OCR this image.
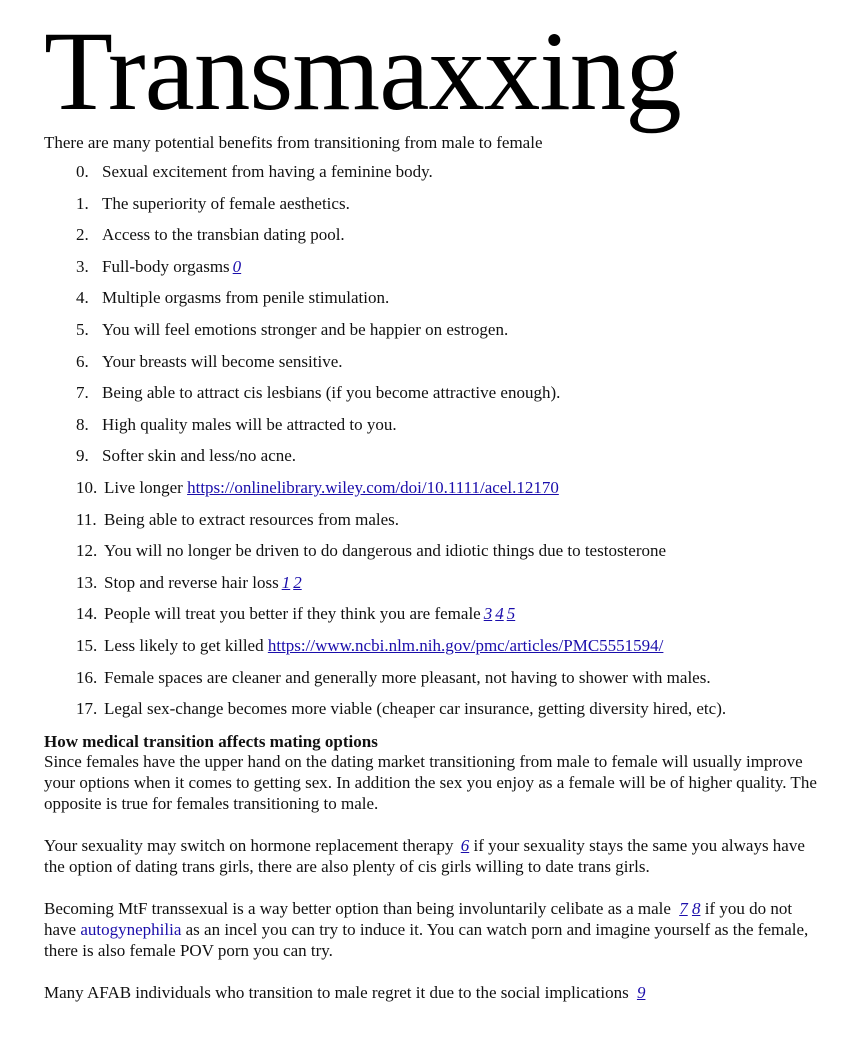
Transmaxxing
There are many potential benefits from transitioning from male to female
0. Sexual excitement from having a feminine body.
1. The superiority of female aesthetics.
2. Access to the transbian dating pool.
3. Full-body orgasms 0
4. Multiple orgasms from penile stimulation.
5. You will feel emotions stronger and be happier on estrogen.
6. Your breasts will become sensitive.
7. Being able to attract cis lesbians (if you become attractive enough).
8. High quality males will be attracted to you.
9. Softer skin and less/no acne.
10. Live longer https://onlinelibrary.wiley.com/doi/10.1111/acel.12170
11. Being able to extract resources from males.
12. You will no longer be driven to do dangerous and idiotic things due to testosterone
13. Stop and reverse hair loss 1 2
14. People will treat you better if they think you are female 3 4 5
15. Less likely to get killed https://www.ncbi.nlm.nih.gov/pmc/articles/PMC5551594/
16. Female spaces are cleaner and generally more pleasant, not having to shower with males.
17. Legal sex-change becomes more viable (cheaper car insurance, getting diversity hired, etc).
How medical transition affects mating options

Since females have the upper hand on the dating market transitioning from male to female will usually improve your options when it comes to getting sex. In addition the sex you enjoy as a female will be of higher quality. The opposite is true for females transitioning to male.

Your sexuality may switch on hormone replacement therapy 6 if your sexuality stays the same you always have the option of dating trans girls, there are also plenty of cis girls willing to date trans girls.

Becoming MtF transsexual is a way better option than being involuntarily celibate as a male 7 8 if you do not have autogynephilia as an incel you can try to induce it. You can watch porn and imagine yourself as the female, there is also female POV porn you can try.

Many AFAB individuals who transition to male regret it due to the social implications 9
